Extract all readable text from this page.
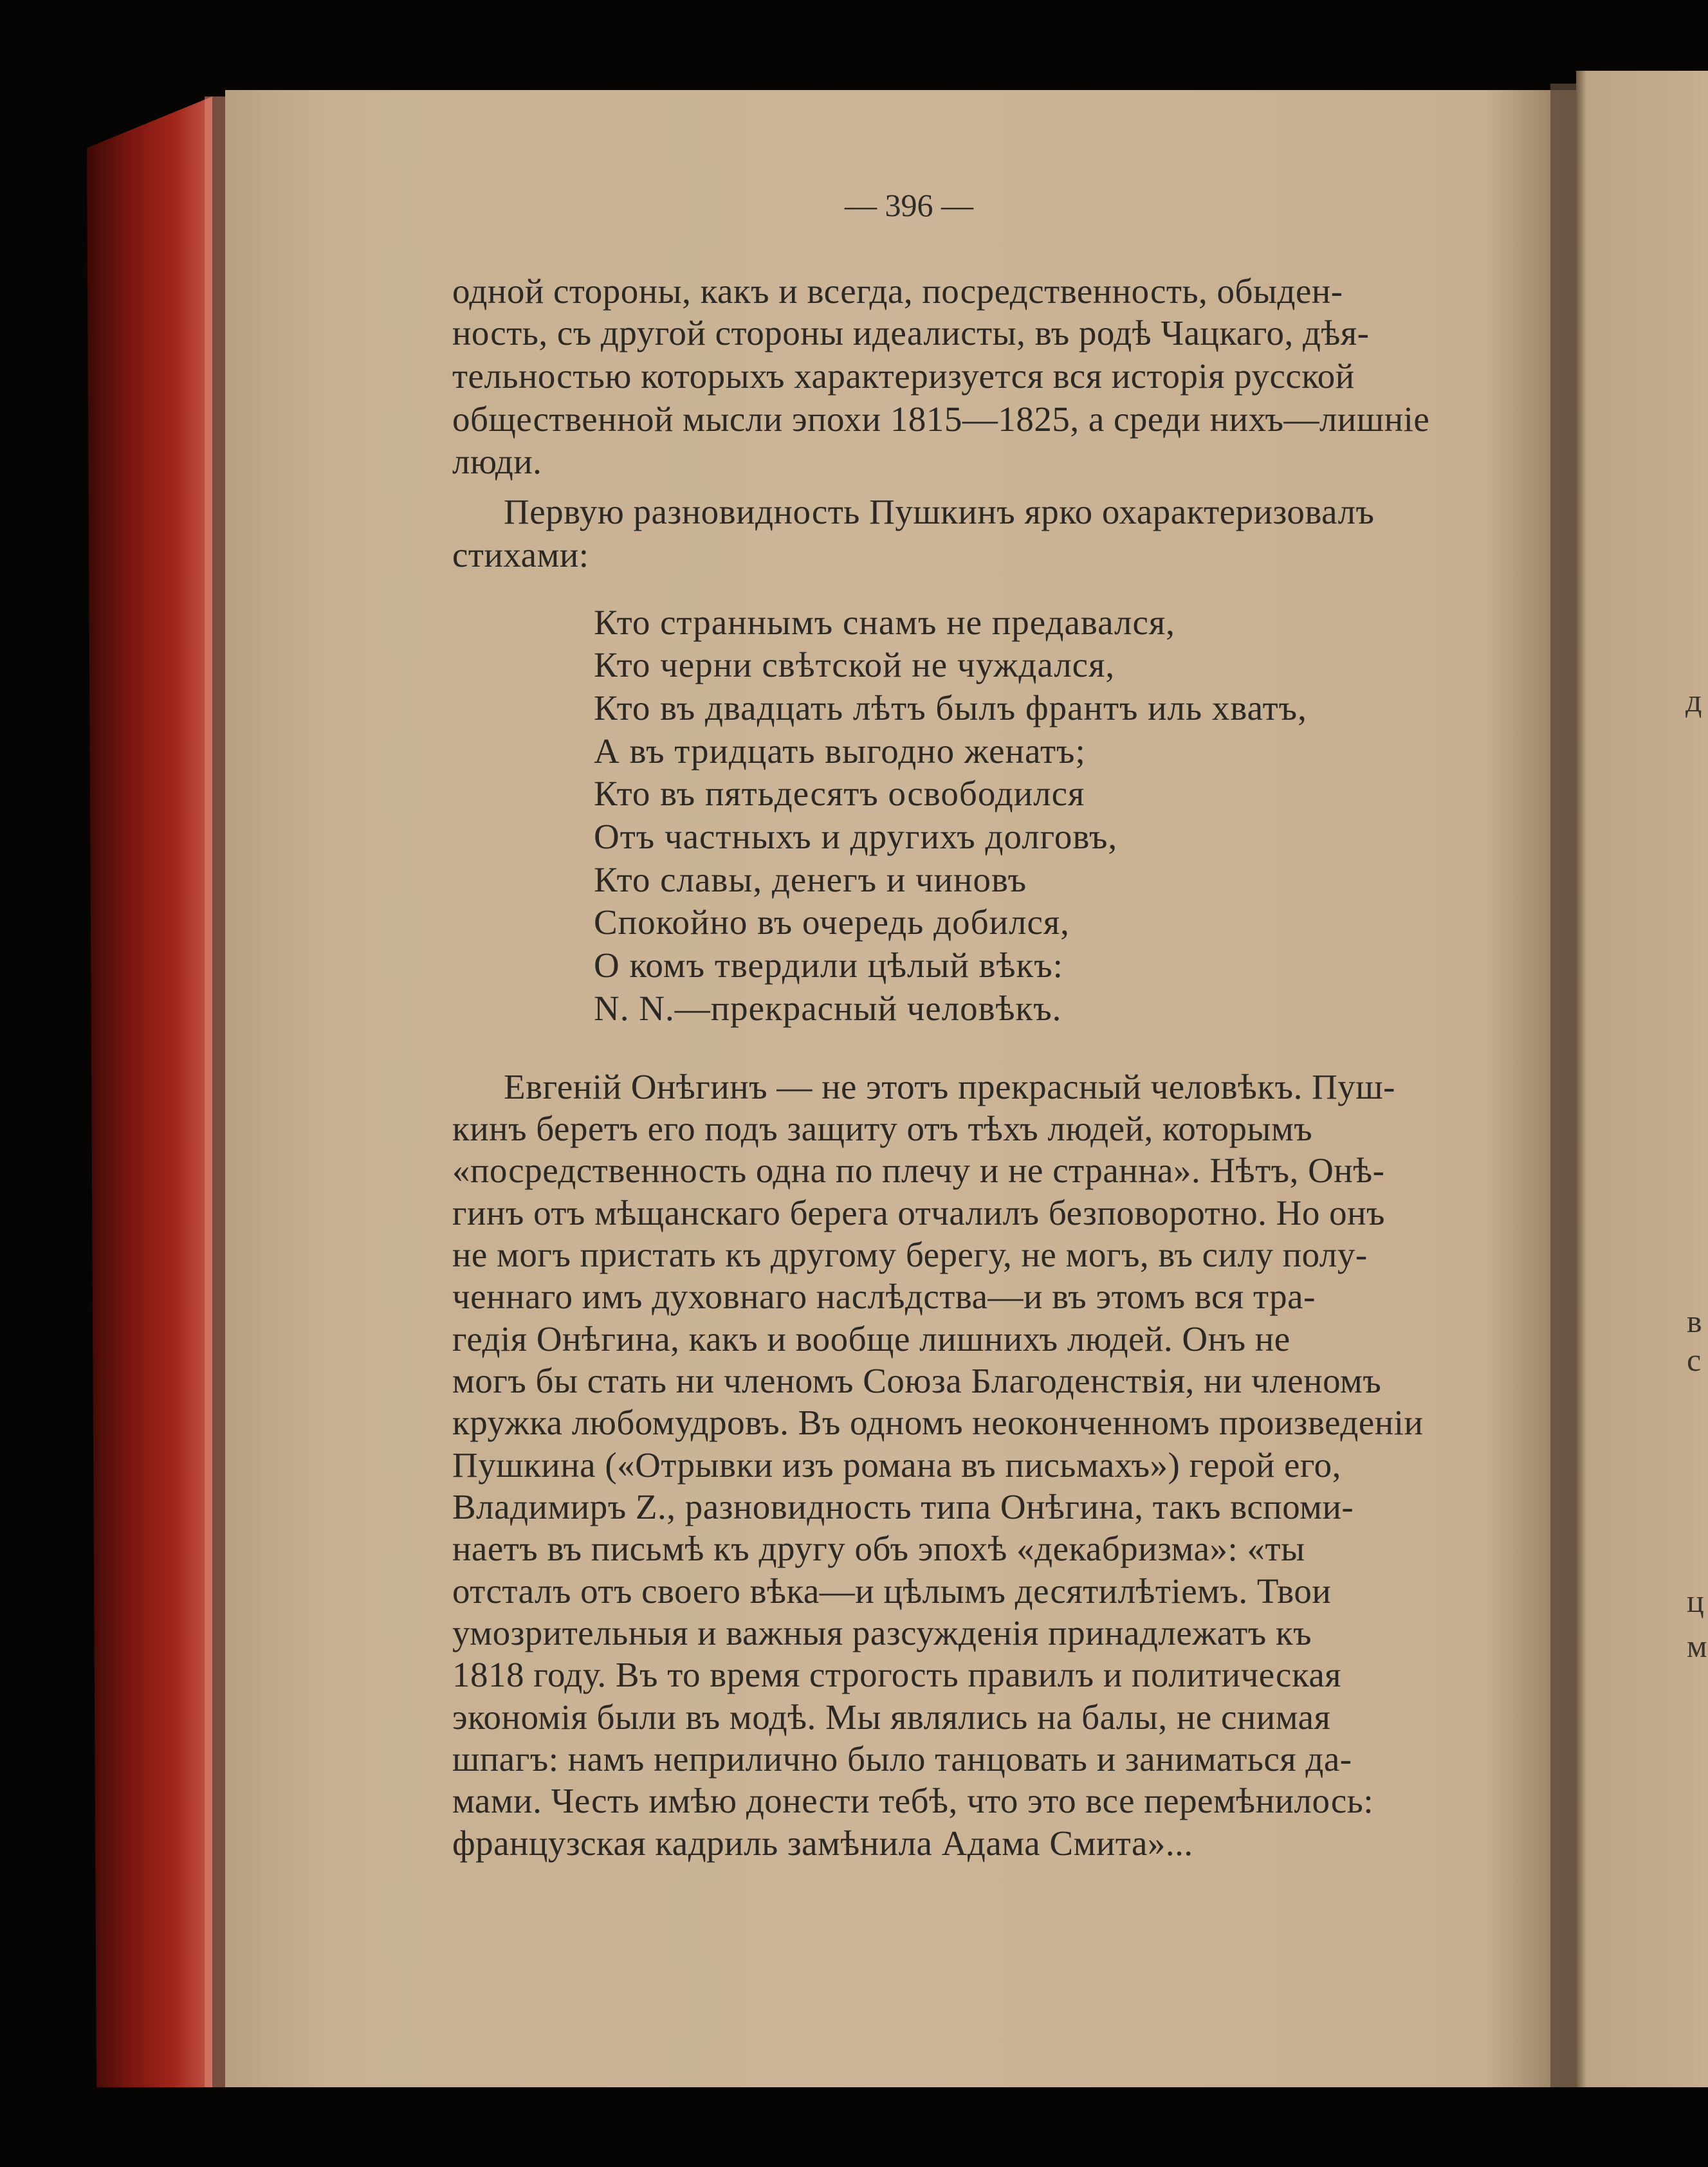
— 396 —
одной стороны, какъ и всегда, посредственность, обыден-
ность, съ другой стороны идеалисты, въ родѣ Чацкаго, дѣя-
тельностью которыхъ характеризуется вся исторія русской
общественной мысли эпохи 1815—1825, а среди нихъ—лишніе
люди.
Первую разновидность Пушкинъ ярко охарактеризовалъ
стихами:
Кто страннымъ снамъ не предавался,
Кто черни свѣтской не чуждался,
Кто въ двадцать лѣтъ былъ франтъ иль хватъ,
А въ тридцать выгодно женатъ;
Кто въ пятьдесятъ освободился
Отъ частныхъ и другихъ долговъ,
Кто славы, денегъ и чиновъ
Спокойно въ очередь добился,
О комъ твердили цѣлый вѣкъ:
N. N.—прекрасный человѣкъ.
Евгеній Онѣгинъ — не этотъ прекрасный человѣкъ. Пуш-
кинъ беретъ его подъ защиту отъ тѣхъ людей, которымъ
«посредственность одна по плечу и не странна». Нѣтъ, Онѣ-
гинъ отъ мѣщанскаго берега отчалилъ безповоротно. Но онъ
не могъ пристать къ другому берегу, не могъ, въ силу полу-
ченнаго имъ духовнаго наслѣдства—и въ этомъ вся тра-
гедія Онѣгина, какъ и вообще лишнихъ людей. Онъ не
могъ бы стать ни членомъ Союза Благоденствія, ни членомъ
кружка любомудровъ. Въ одномъ неоконченномъ произведеніи
Пушкина («Отрывки изъ романа въ письмахъ») герой его,
Владимиръ Z., разновидность типа Онѣгина, такъ вспоми-
наетъ въ письмѣ къ другу объ эпохѣ «декабризма»: «ты
отсталъ отъ своего вѣка—и цѣлымъ десятилѣтіемъ. Твои
умозрительныя и важныя разсужденія принадлежатъ къ
1818 году. Въ то время строгость правилъ и политическая
экономія были въ модѣ. Мы являлись на балы, не снимая
шпагъ: намъ неприлично было танцовать и заниматься да-
мами. Честь имѣю донести тебѣ, что это все перемѣнилось:
французская кадриль замѣнила Адама Смита»...
д
в
с
ц
м
